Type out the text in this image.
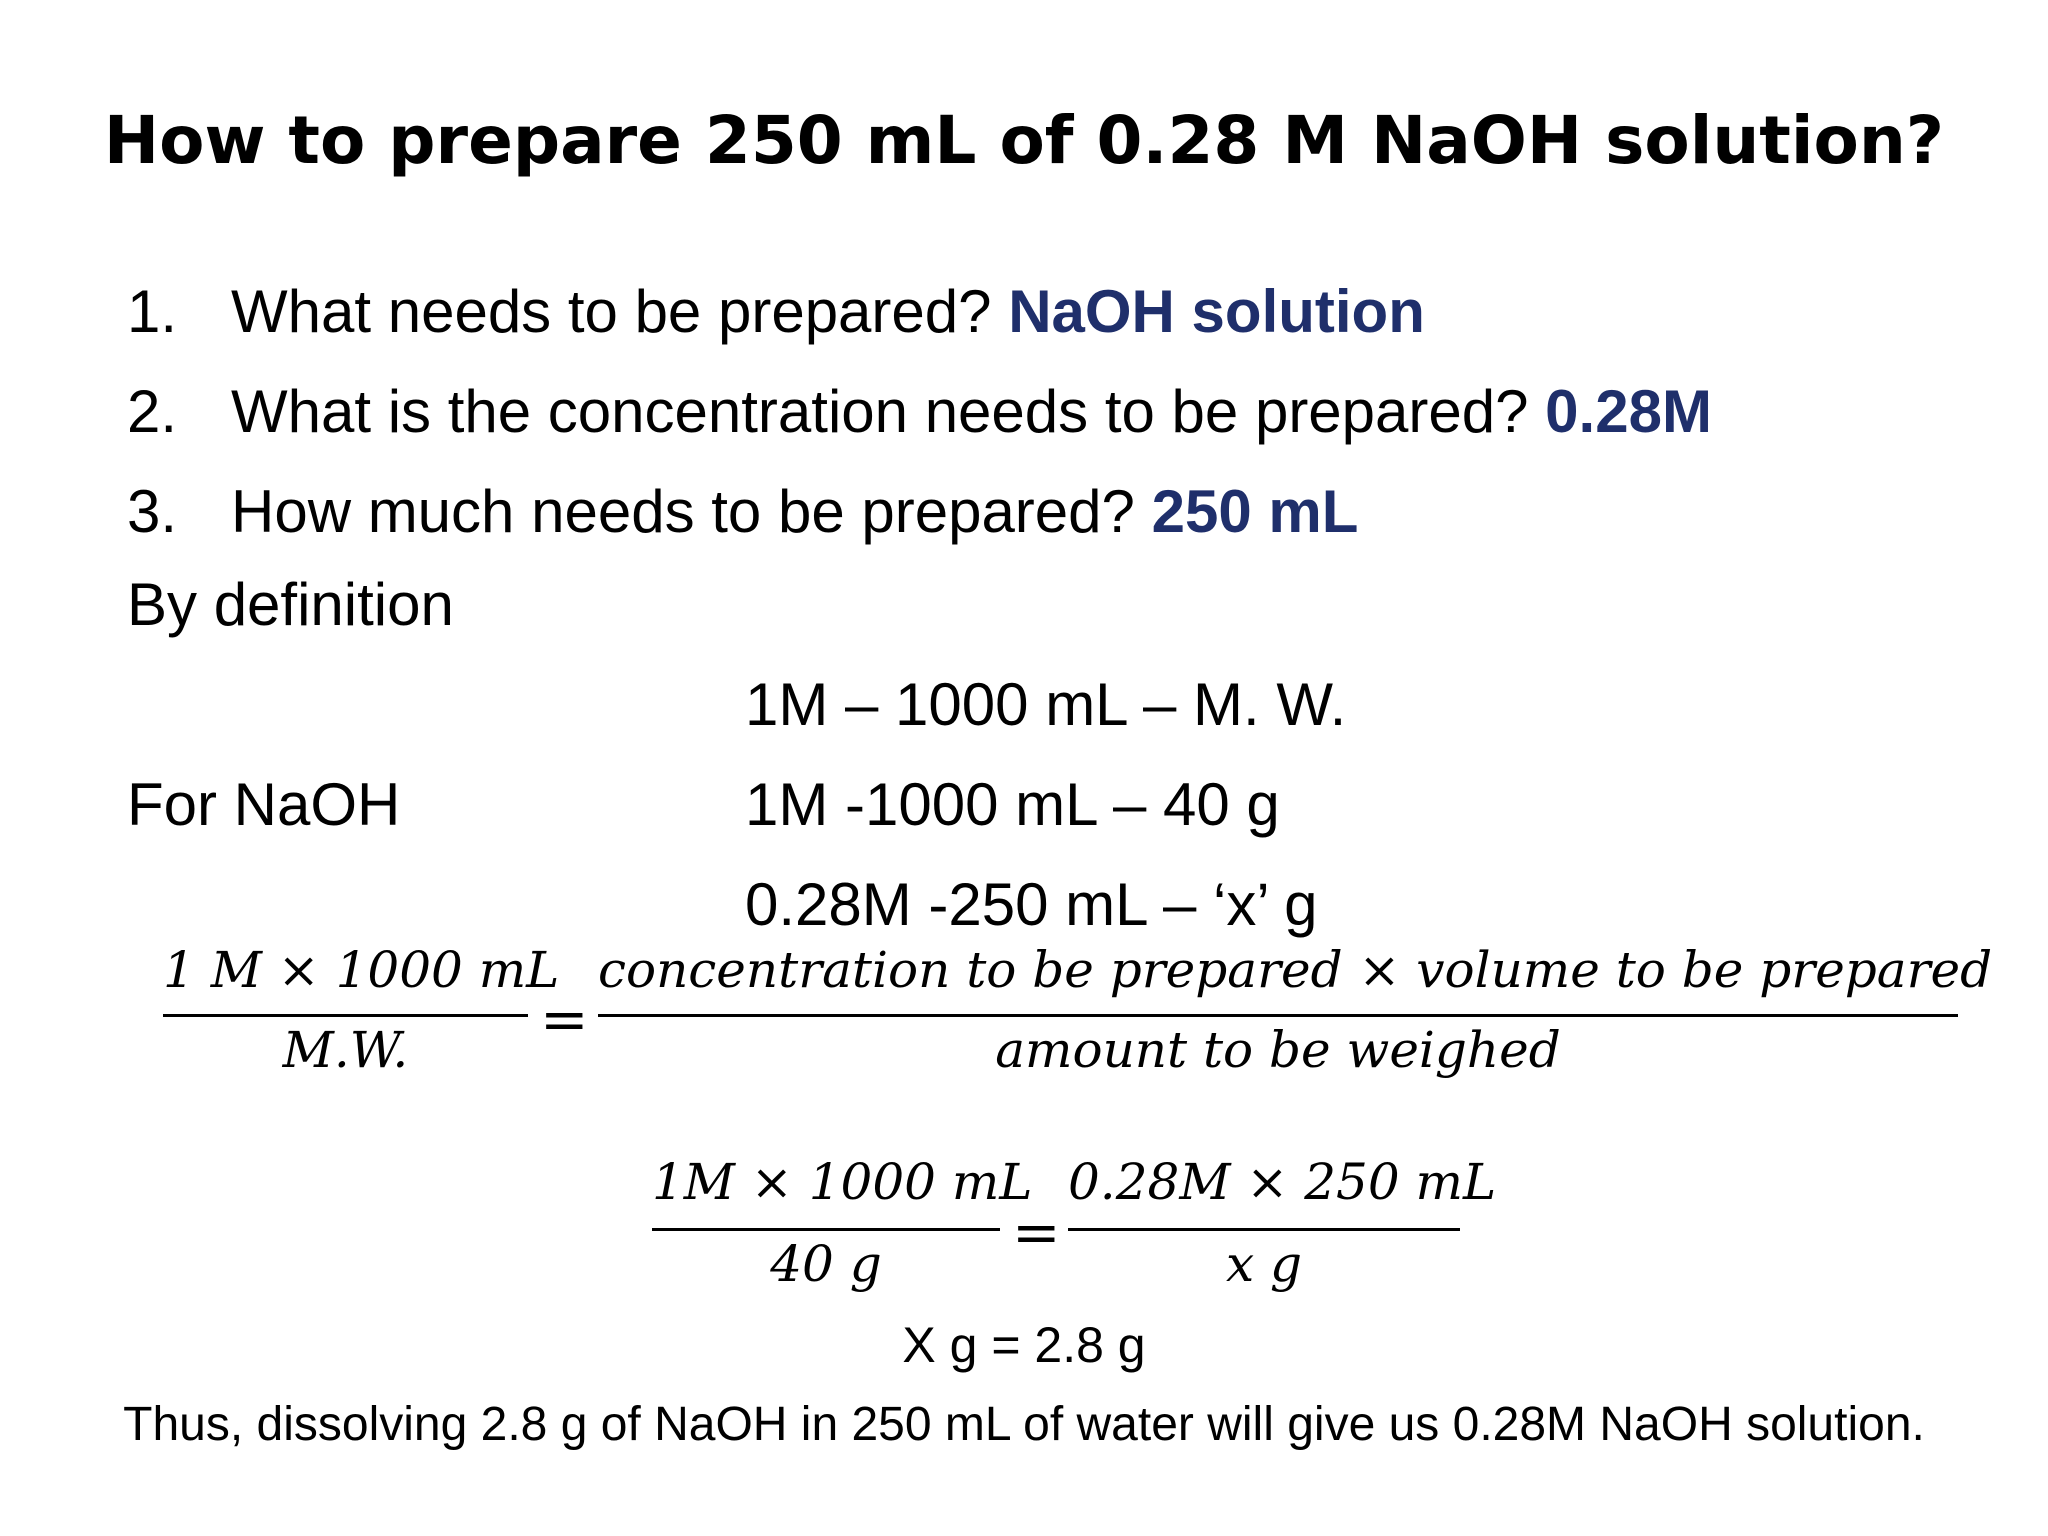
How to prepare 250 mL of 0.28 M NaOH solution?
1. What needs to be prepared? NaOH solution
2. What is the concentration needs to be prepared? 0.28M
3. How much needs to be prepared? 250 mL
By definition
1M – 1000 mL – M. W.
For NaOH	1M -1000 mL – 40 g
0.28M -250 mL – ‘x’ g
1 M × 1000 mL
M.W.	=
concentration to be prepared × volume to be prepared
amount to be weighed
1M × 1000 mL
40 g	=
0.28M × 250 mL
x g
X g = 2.8 g
Thus, dissolving 2.8 g of NaOH in 250 mL of water will give us 0.28M NaOH solution.
